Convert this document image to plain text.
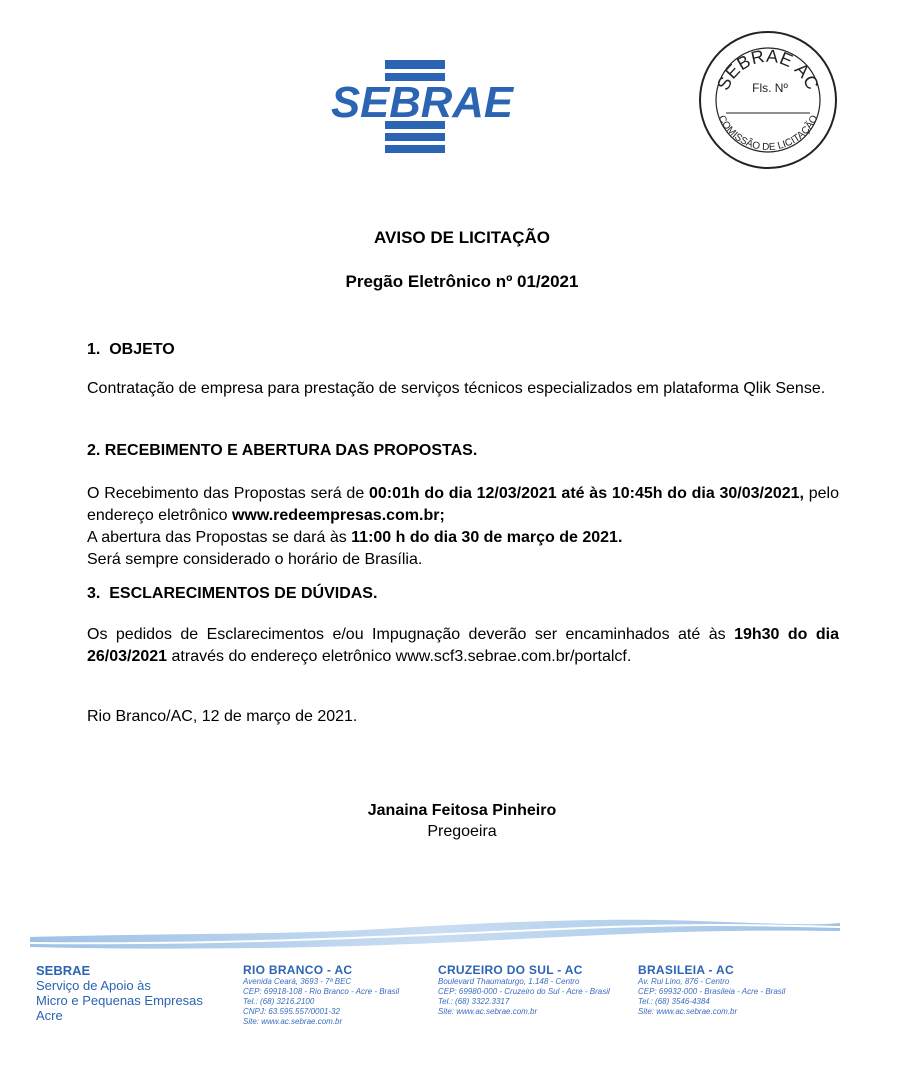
SEBRAE	SEBRAE AC
Fls. Nº
COMISSÃO DE LICITAÇÃO
AVISO DE LICITAÇÃO
Pregão Eletrônico nº 01/2021
1. OBJETO
Contratação de empresa para prestação de serviços técnicos especializados em plataforma Qlik Sense.
2. RECEBIMENTO E ABERTURA DAS PROPOSTAS.
O Recebimento das Propostas será de 00:01h do dia 12/03/2021 até às 10:45h do dia 30/03/2021, pelo endereço eletrônico www.redeempresas.com.br;
A abertura das Propostas se dará às 11:00 h do dia 30 de março de 2021.
Será sempre considerado o horário de Brasília.
3. ESCLARECIMENTOS DE DÚVIDAS.
Os pedidos de Esclarecimentos e/ou Impugnação deverão ser encaminhados até às 19h30 do dia 26/03/2021 através do endereço eletrônico www.scf3.sebrae.com.br/portalcf.
Rio Branco/AC, 12 de março de 2021.
Janaina Feitosa Pinheiro
Pregoeira
SEBRAE
Serviço de Apoio às
Micro e Pequenas Empresas
Acre
RIO BRANCO - AC
Avenida Ceará, 3693 - 7ª BEC
CEP: 69918-108 - Rio Branco - Acre - Brasil
Tel.: (68) 3216.2100
CNPJ: 63.595.557/0001-32
Site: www.ac.sebrae.com.br
CRUZEIRO DO SUL - AC
Boulevard Thaumaturgo, 1.148 - Centro
CEP: 69980-000 - Cruzeiro do Sul - Acre - Brasil
Tel.: (68) 3322.3317
Site: www.ac.sebrae.com.br
BRASILEIA - AC
Av. Rui Lino, 876 - Centro
CEP: 69932-000 - Brasileia - Acre - Brasil
Tel.: (68) 3546-4384
Site: www.ac.sebrae.com.br
